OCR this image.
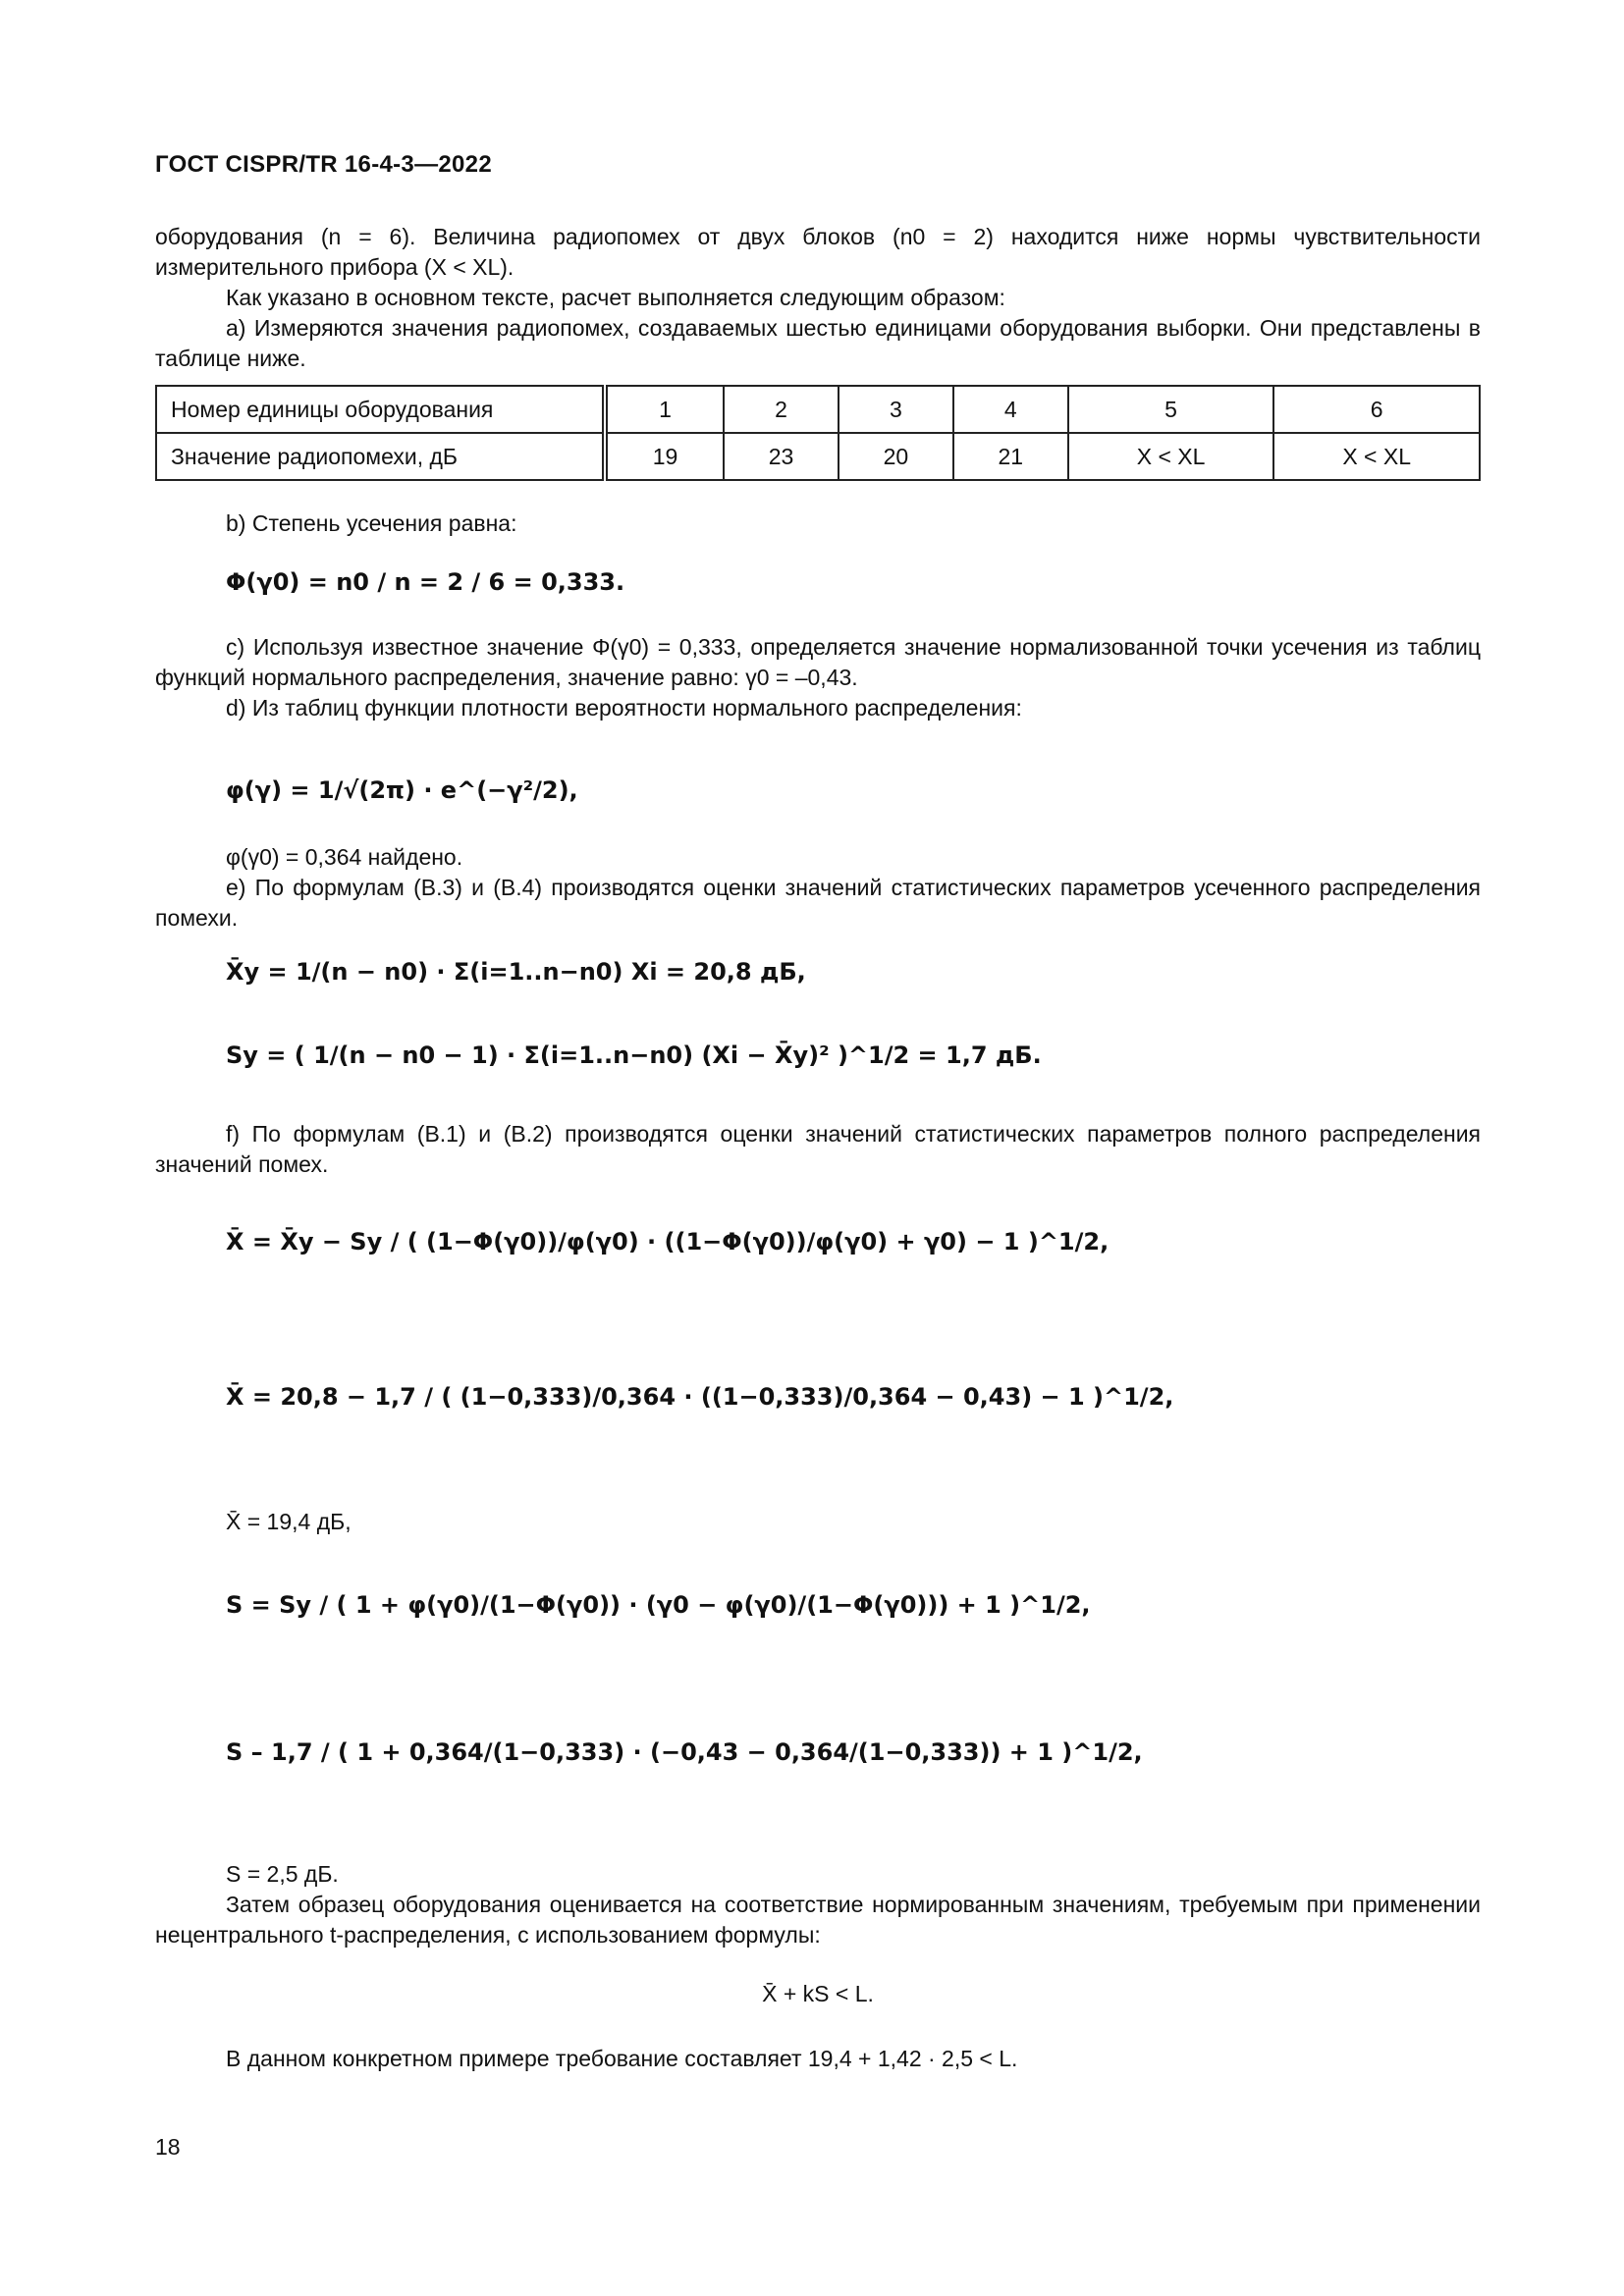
ГОСТ CISPR/TR 16-4-3—2022

оборудования (n = 6). Величина радиопомех от двух блоков (n0 = 2) находится ниже нормы чувствительности измерительного прибора (X < XL).

Как указано в основном тексте, расчет выполняется следующим образом:

a) Измеряются значения радиопомех, создаваемых шестью единицами оборудования выборки. Они представлены в таблице ниже.

Номер единицы оборудования	1	2	3	4	5	6
Значение радиопомехи, дБ	19	23	20	21	X < XL	X < XL

b) Степень усечения равна:

Φ(γ0) = n0 / n = 2 / 6 = 0,333.

c) Используя известное значение Φ(γ0) = 0,333, определяется значение нормализованной точки усечения из таблиц функций нормального распределения, значение равно: γ0 = –0,43.

d) Из таблиц функции плотности вероятности нормального распределения:

φ(γ) = 1/√(2π) · e^(−γ²/2),

φ(γ0) = 0,364 найдено.

e) По формулам (B.3) и (B.4) производятся оценки значений статистических параметров усеченного распределения помехи.

X̄y = 1/(n − n0) · Σ(i=1..n−n0) Xi = 20,8 дБ,
Sy = ( 1/(n − n0 − 1) · Σ(i=1..n−n0) (Xi − X̄y)² )^1/2 = 1,7 дБ.

f) По формулам (B.1) и (B.2) производятся оценки значений статистических параметров полного распределения значений помех.

X̄ = X̄y − Sy / ( (1−Φ(γ0))/φ(γ0) · ((1−Φ(γ0))/φ(γ0) + γ0) − 1 )^1/2,
X̄ = 20,8 − 1,7 / ( (1−0,333)/0,364 · ((1−0,333)/0,364 − 0,43) − 1 )^1/2,

X̄ = 19,4 дБ,

S = Sy / ( 1 + φ(γ0)/(1−Φ(γ0)) · (γ0 − φ(γ0)/(1−Φ(γ0))) + 1 )^1/2,
S – 1,7 / ( 1 + 0,364/(1−0,333) · (−0,43 − 0,364/(1−0,333)) + 1 )^1/2,

S = 2,5 дБ.

Затем образец оборудования оценивается на соответствие нормированным значениям, требуемым при применении нецентрального t-распределения, с использованием формулы:

X̄ + kS < L.

В данном конкретном примере требование составляет 19,4 + 1,42 · 2,5 < L.

18
